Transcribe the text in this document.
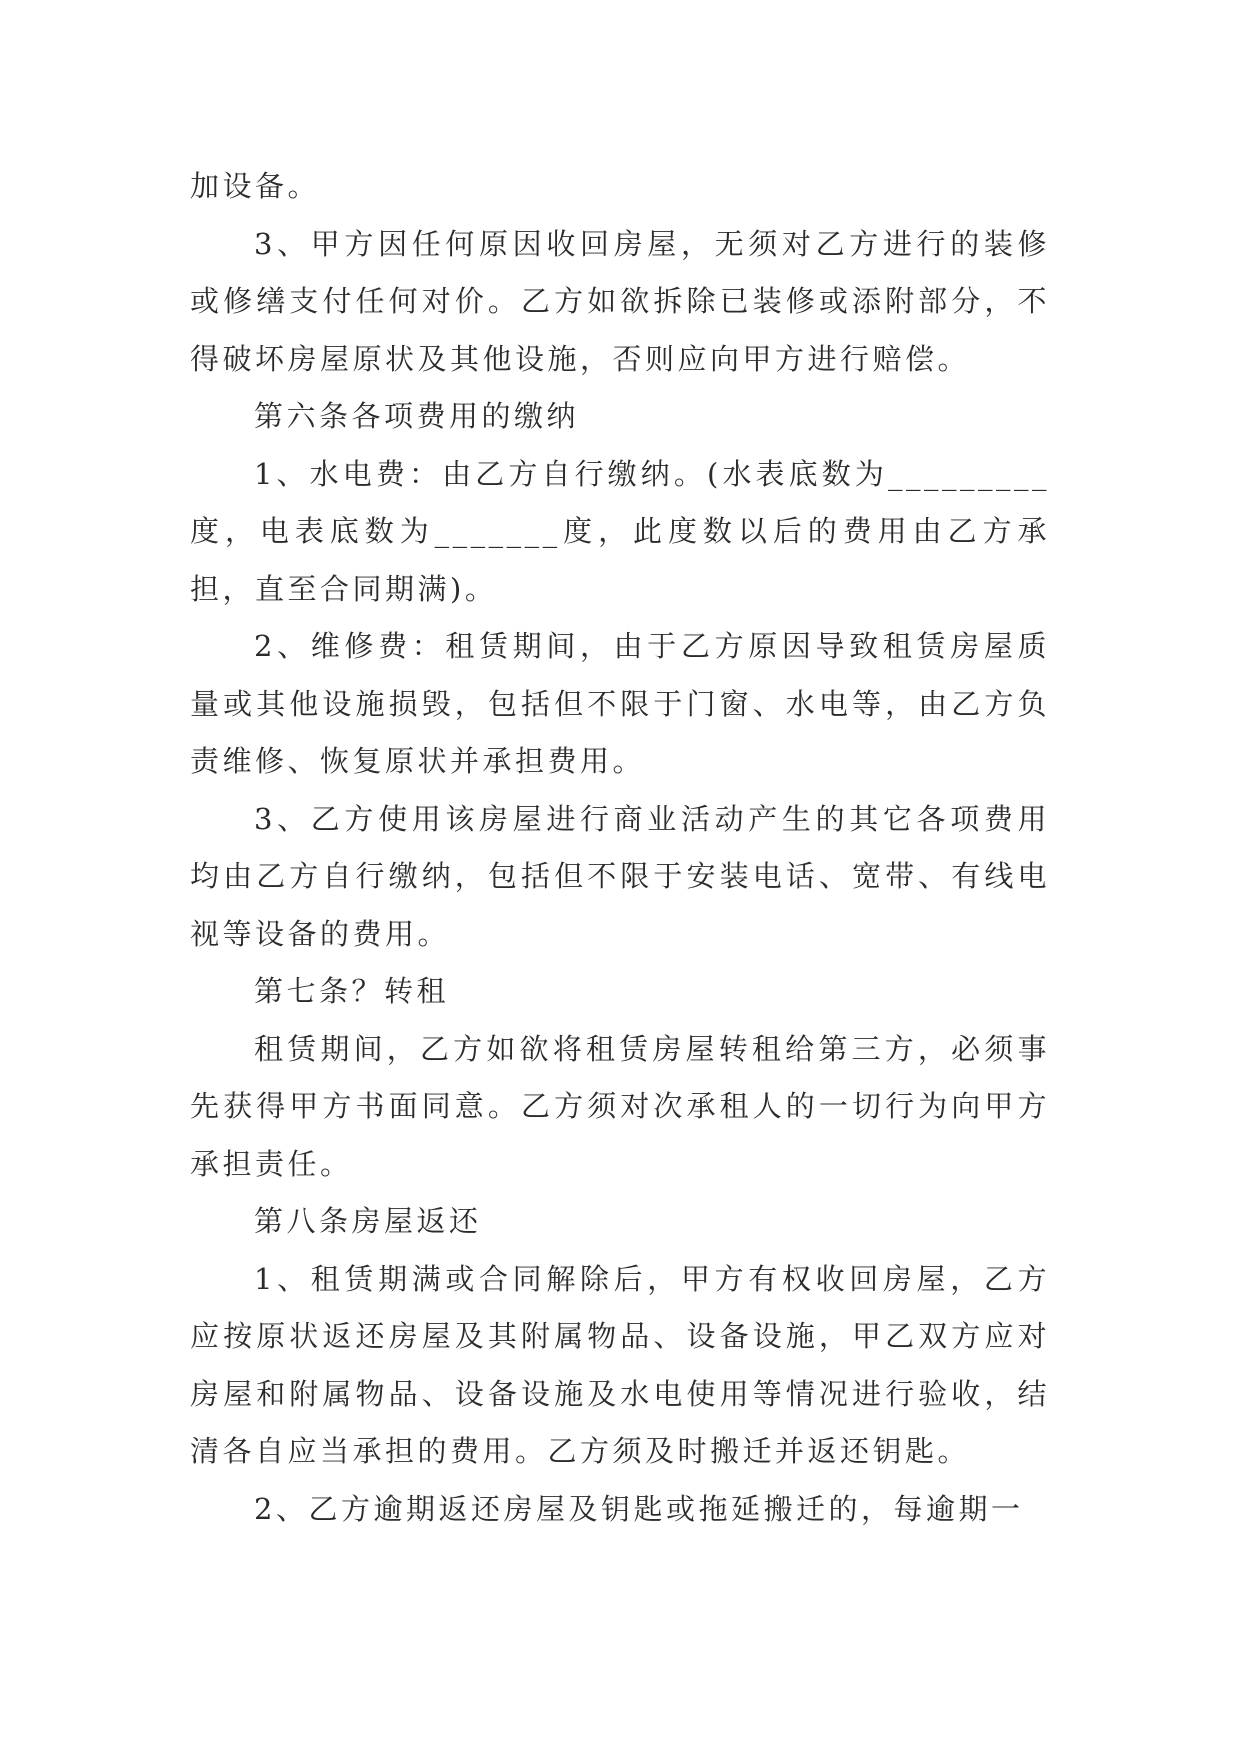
加设备。

3、甲方因任何原因收回房屋，无须对乙方进行的装修或修缮支付任何对价。乙方如欲拆除已装修或添附部分，不得破坏房屋原状及其他设施，否则应向甲方进行赔偿。

第六条各项费用的缴纳

1、水电费：由乙方自行缴纳。(水表底数为_________度，电表底数为_______度，此度数以后的费用由乙方承担，直至合同期满)。

2、维修费：租赁期间，由于乙方原因导致租赁房屋质量或其他设施损毁，包括但不限于门窗、水电等，由乙方负责维修、恢复原状并承担费用。

3、乙方使用该房屋进行商业活动产生的其它各项费用均由乙方自行缴纳，包括但不限于安装电话、宽带、有线电视等设备的费用。

第七条？转租

租赁期间，乙方如欲将租赁房屋转租给第三方，必须事先获得甲方书面同意。乙方须对次承租人的一切行为向甲方承担责任。

第八条房屋返还

1、租赁期满或合同解除后，甲方有权收回房屋，乙方应按原状返还房屋及其附属物品、设备设施，甲乙双方应对房屋和附属物品、设备设施及水电使用等情况进行验收，结清各自应当承担的费用。乙方须及时搬迁并返还钥匙。

2、乙方逾期返还房屋及钥匙或拖延搬迁的，每逾期一
